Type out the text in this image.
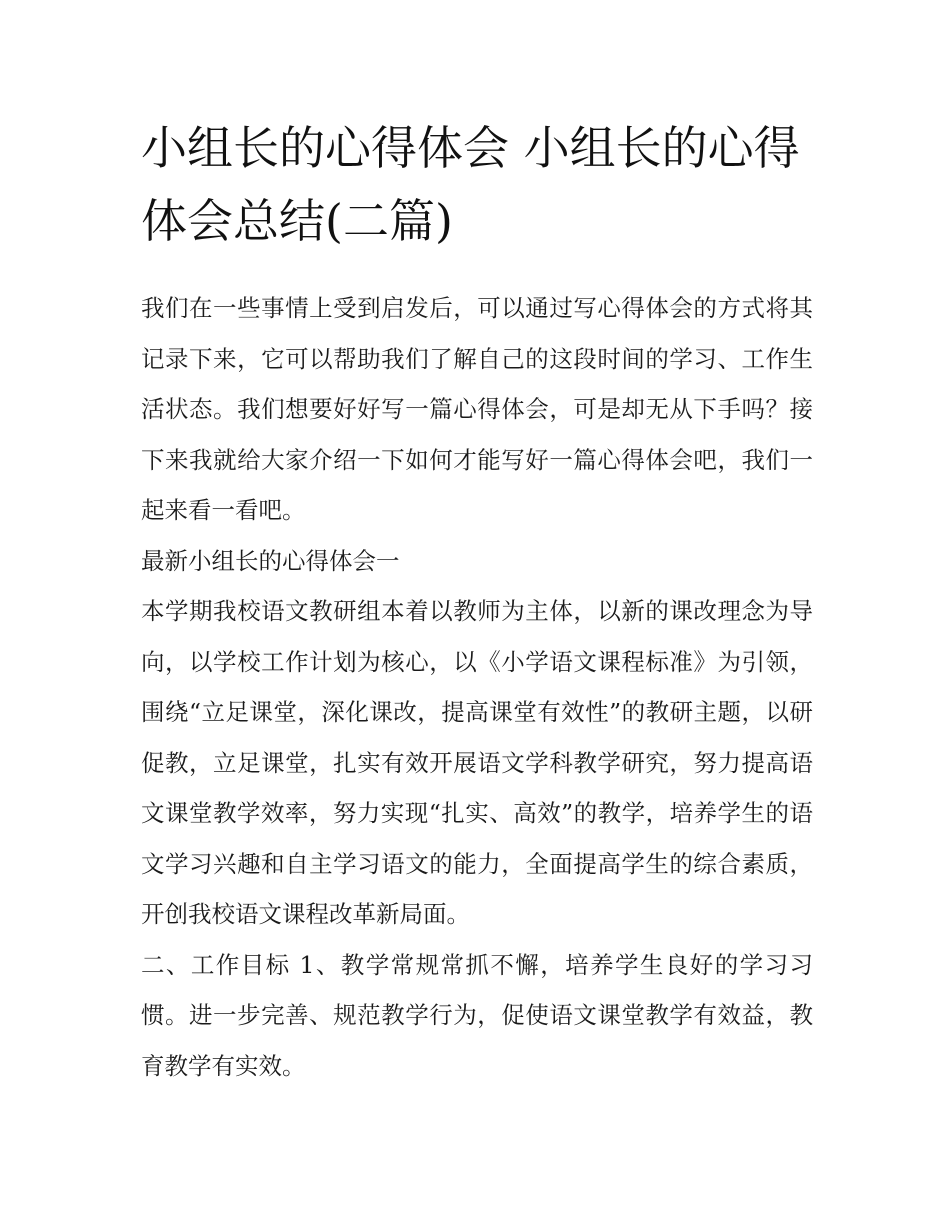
小组长的心得体会 小组长的心得体会总结(二篇)

我们在一些事情上受到启发后，可以通过写心得体会的方式将其记录下来，它可以帮助我们了解自己的这段时间的学习、工作生活状态。我们想要好好写一篇心得体会，可是却无从下手吗？接下来我就给大家介绍一下如何才能写好一篇心得体会吧，我们一起来看一看吧。

最新小组长的心得体会一

本学期我校语文教研组本着以教师为主体，以新的课改理念为导向，以学校工作计划为核心，以《小学语文课程标准》为引领，围绕“立足课堂，深化课改，提高课堂有效性”的教研主题，以研促教，立足课堂，扎实有效开展语文学科教学研究，努力提高语文课堂教学效率，努力实现“扎实、高效”的教学，培养学生的语文学习兴趣和自主学习语文的能力，全面提高学生的综合素质，开创我校语文课程改革新局面。

二、工作目标 1、教学常规常抓不懈，培养学生良好的学习习惯。进一步完善、规范教学行为，促使语文课堂教学有效益，教育教学有实效。
